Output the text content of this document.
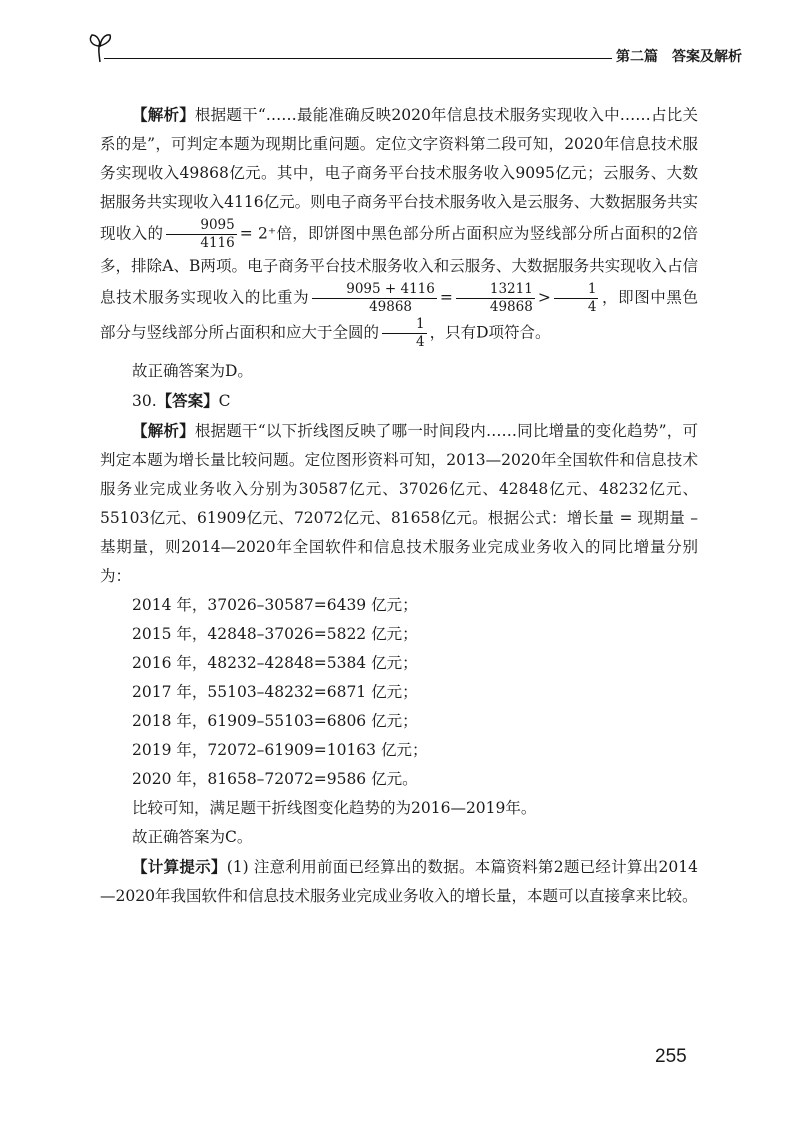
第二篇　答案及解析

【解析】根据题干“……最能准确反映2020年信息技术服务实现收入中……占比关系的是”，可判定本题为现期比重问题。定位文字资料第二段可知，2020年信息技术服务实现收入49868亿元。其中，电子商务平台技术服务收入9095亿元；云服务、大数据服务共实现收入4116亿元。则电子商务平台技术服务收入是云服务、大数据服务共实现收入的 $\frac{9095}{4116} = 2^+$倍，即饼图中黑色部分所占面积应为竖线部分所占面积的2倍多，排除A、B两项。电子商务平台技术服务收入和云服务、大数据服务共实现收入占信息技术服务实现收入的比重为 $\frac{9095 + 4116}{49868} = \frac{13211}{49868} > \frac{1}{4}$ ，即图中黑色部分与竖线部分所占面积和应大于全圆的 $\frac{1}{4}$ ，只有D项符合。

故正确答案为D。

30.【答案】C

【解析】根据题干“以下折线图反映了哪一时间段内……同比增量的变化趋势”，可判定本题为增长量比较问题。定位图形资料可知，2013—2020年全国软件和信息技术服务业完成业务收入分别为30587亿元、37026亿元、42848亿元、48232亿元、55103亿元、61909亿元、72072亿元、81658亿元。根据公式：增长量 = 现期量 – 基期量，则2014—2020年全国软件和信息技术服务业完成业务收入的同比增量分别为：

2014 年，37026–30587=6439 亿元；

2015 年，42848–37026=5822 亿元；

2016 年，48232–42848=5384 亿元；

2017 年，55103–48232=6871 亿元；

2018 年，61909–55103=6806 亿元；

2019 年，72072–61909=10163 亿元；

2020 年，81658–72072=9586 亿元。

比较可知，满足题干折线图变化趋势的为2016—2019年。

故正确答案为C。

【计算提示】(1) 注意利用前面已经算出的数据。本篇资料第2题已经计算出2014—2020年我国软件和信息技术服务业完成业务收入的增长量，本题可以直接拿来比较。

255
